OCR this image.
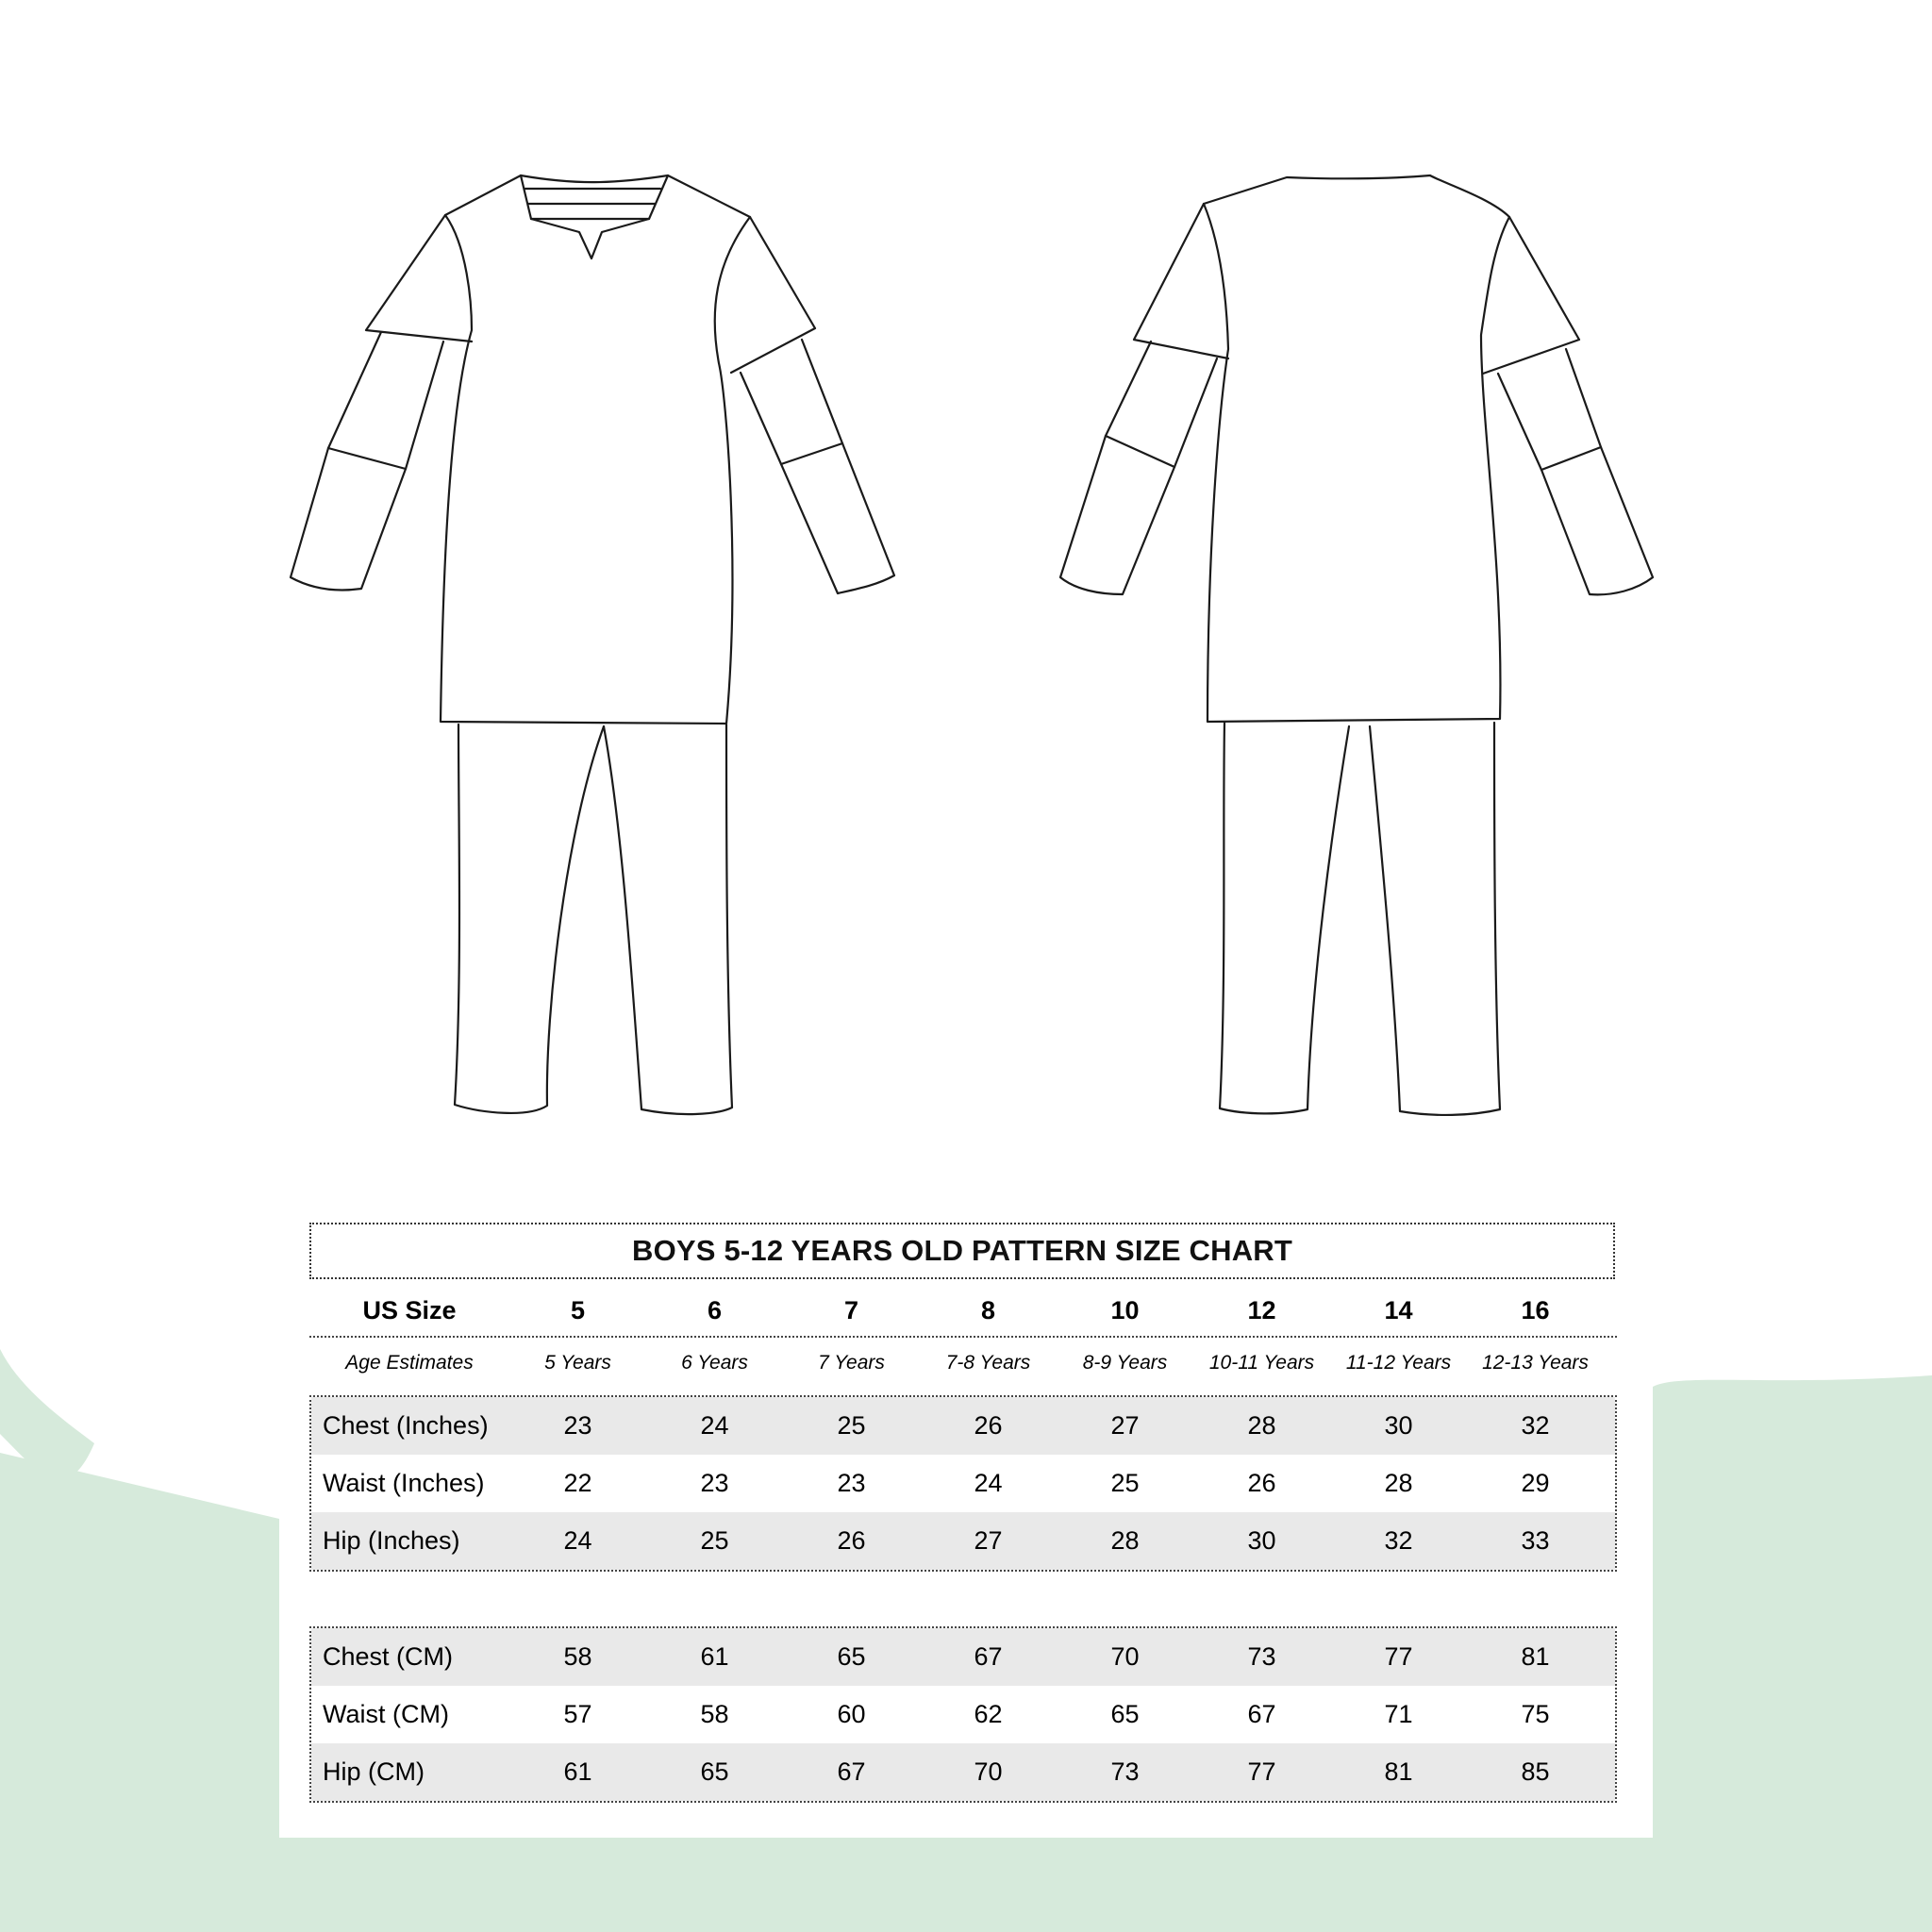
BOYS 5-12 YEARS OLD PATTERN SIZE CHART
US Size	5	6	7	8	10	12	14	16
Age Estimates	5 Years	6 Years	7 Years	7-8 Years	8-9 Years	10-11 Years	11-12 Years	12-13 Years
Chest (Inches)	23	24	25	26	27	28	30	32
Waist (Inches)	22	23	23	24	25	26	28	29
Hip (Inches)	24	25	26	27	28	30	32	33
Chest (CM)	58	61	65	67	70	73	77	81
Waist (CM)	57	58	60	62	65	67	71	75
Hip (CM)	61	65	67	70	73	77	81	85
